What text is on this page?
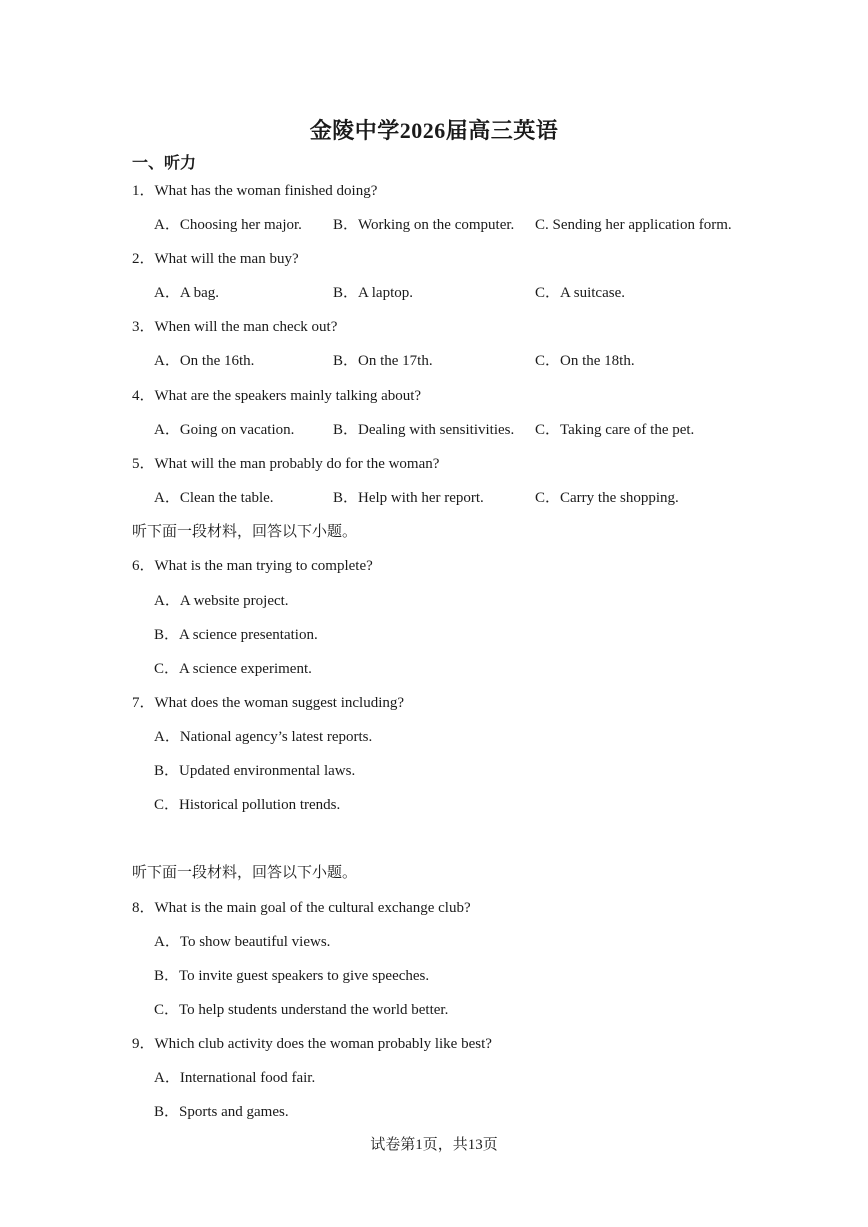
金陵中学2026届高三英语
一、听力
1．What has the woman finished doing?
A．Choosing her major. B．Working on the computer. C. Sending her application form.
2．What will the man buy?
A．A bag.	B．A laptop.	C．A suitcase.
3．When will the man check out?
A．On the 16th.	B．On the 17th.	C．On the 18th.
4．What are the speakers mainly talking about?
A．Going on vacation.	B．Dealing with sensitivities. C．Taking care of the pet.
5．What will the man probably do for the woman?
A．Clean the table.	B．Help with her report.	C．Carry the shopping.
听下面一段材料，回答以下小题。
6．What is the man trying to complete?
A．A website project.
B．A science presentation.
C．A science experiment.
7．What does the woman suggest including?
A．National agency’s latest reports.
B．Updated environmental laws.
C．Historical pollution trends.
听下面一段材料，回答以下小题。
8．What is the main goal of the cultural exchange club?
A．To show beautiful views.
B．To invite guest speakers to give speeches.
C．To help students understand the world better.
9．Which club activity does the woman probably like best?
A．International food fair.
B．Sports and games.
试卷第1页，共13页
